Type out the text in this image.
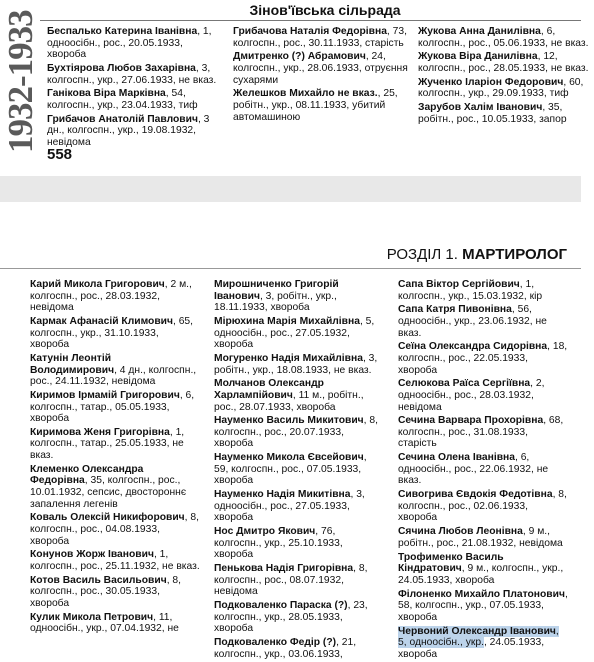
1932-1933
Зінов'ївська сільрада
Беспалько Катерина Іванівна, 1, одноосібн., рос., 20.05.1933, хвороба
Бухтіярова Любов Захарівна, 3, колгоспн., укр., 27.06.1933, не вказ.
Ганікова Віра Марківна, 54, колгоспн., укр., 23.04.1933, тиф
Грибачов Анатолій Павлович, 3 дн., колгоспн., укр., 19.08.1932, невідома
Грибачова Наталія Федорівна, 73, колгоспн., рос., 30.11.1933, старість
Дмитренко (?) Абрамович, 24, колгоспн., укр., 28.06.1933, отруєння сухарями
Желешков Михайло не вказ., 25, робітн., укр., 08.11.1933, убитий автомашиною
Жукова Анна Данилівна, 6, колгоспн., рос., 05.06.1933, не вказ.
Жукова Віра Данилівна, 12, колгоспн., рос., 28.05.1933, не вказ.
Жученко Іларіон Федорович, 60, колгоспн., укр., 29.09.1933, тиф
Зарубов Халім Іванович, 35, робітн., рос., 10.05.1933, запор
558
РОЗДІЛ 1. МАРТИРОЛОГ
Карий Микола Григорович, 2 м., колгоспн., рос., 28.03.1932, невідома
Кармак Афанасій Климович, 65, колгоспн., укр., 31.10.1933, хвороба
Катунін Леонтій Володимирович, 4 дн., колгоспн., рос., 24.11.1932, невідома
Киримов Ірмамій Григорович, 6, колгоспн., татар., 05.05.1933, хвороба
Киримова Женя Григорівна, 1, колгоспн., татар., 25.05.1933, не вказ.
Клеменко Олександра Федорівна, 35, колгоспн., рос., 10.01.1932, сепсис, двостороннє запалення легенів
Коваль Олексій Никифорович, 8, колгоспн., рос., 04.08.1933, хвороба
Конунов Жорж Іванович, 1, колгоспн., рос., 25.11.1932, не вказ.
Котов Василь Васильович, 8, колгоспн., рос., 30.05.1933, хвороба
Кулик Микола Петрович, 11, одноосібн., укр., 07.04.1932, не
Мирошниченко Григорій Іванович, 3, робітн., укр., 18.11.1933, хвороба
Мірюхина Марія Михайлівна, 5, одноосібн., рос., 27.05.1932, хвороба
Могуренко Надія Михайлівна, 3, робітн., укр., 18.08.1933, не вказ.
Молчанов Олександр Харлампійович, 11 м., робітн., рос., 28.07.1933, хвороба
Науменко Василь Микитович, 8, колгоспн., рос., 20.07.1933, хвороба
Науменко Микола Євсейович, 59, колгоспн., рос., 07.05.1933, хвороба
Науменко Надія Микитівна, 3, одноосібн., рос., 27.05.1933, хвороба
Нос Дмитро Якович, 76, колгоспн., укр., 25.10.1933, хвороба
Пенькова Надія Григорівна, 8, колгоспн., рос., 08.07.1932, невідома
Подковаленко Параска (?), 23, колгоспн., укр., 28.05.1933, хвороба
Подковаленко Федір (?), 21, колгоспн., укр., 03.06.1933,
Сапа Віктор Сергійович, 1, колгоспн., укр., 15.03.1932, кір
Сапа Катря Пивонівна, 56, одноосібн., укр., 23.06.1932, не вказ.
Сеїна Олександра Сидорівна, 18, колгоспн., рос., 22.05.1933, хвороба
Селюкова Раїса Сергіївна, 2, одноосібн., рос., 28.03.1932, невідома
Сечина Варвара Прохорівна, 68, колгоспн., рос., 31.08.1933, старість
Сечина Олена Іванівна, 6, одноосібн., рос., 22.06.1932, не вказ.
Сивогрива Євдокія Федотівна, 8, колгоспн., рос., 02.06.1933, хвороба
Сячина Любов Леонівна, 9 м., робітн., рос., 21.08.1932, невідома
Трофименко Василь Кіндратович, 9 м., колгоспн., укр., 24.05.1933, хвороба
Філоненко Михайло Платонович, 58, колгоспн., укр., 07.05.1933, хвороба
Червоний Олександр Іванович, 5, одноосібн., укр., 24.05.1933, хвороба
